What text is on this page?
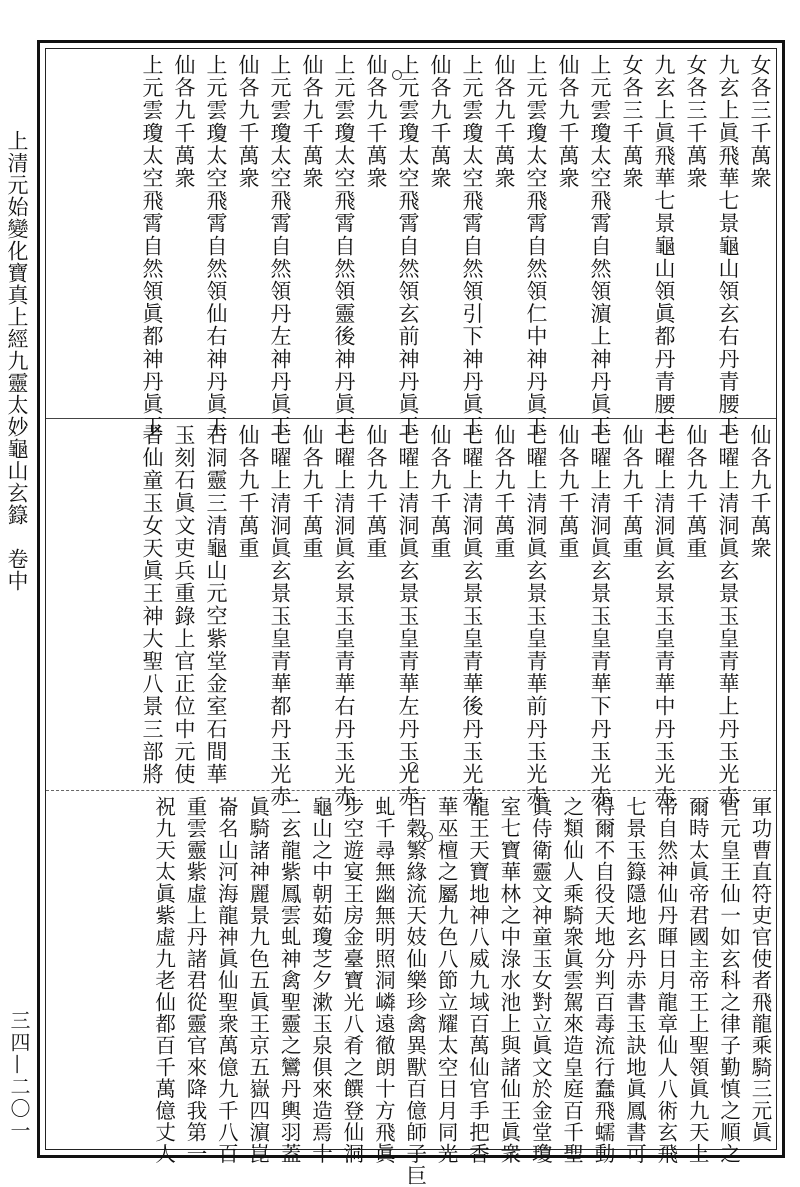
上清元始變化寶真上經九靈太妙龜山玄籙卷中
三四—二〇一
女各三千萬衆
九玄上眞飛華七景龜山領玄右丹青腰玉
女各三千萬衆
九玄上眞飛華七景龜山領眞都丹青腰玉
女各三千萬衆
上元雲瓊太空飛霄自然領濵上神丹眞玉
仙各九千萬衆
上元雲瓊太空飛霄自然領仁中神丹眞玉
仙各九千萬衆
上元雲瓊太空飛霄自然領引下神丹眞玉
仙各九千萬衆
上元雲瓊太空飛霄自然領玄前神丹眞玉
仙各九千萬衆
上元雲瓊太空飛霄自然領靈後神丹眞玉
仙各九千萬衆
上元雲瓊太空飛霄自然領丹左神丹眞玉
仙各九千萬衆
上元雲瓊太空飛霄自然領仙右神丹眞玉
仙各九千萬衆
上元雲瓊太空飛霄自然領眞都神丹眞玉
仙各九千萬衆
七曜上清洞眞玄景玉皇青華上丹玉光赤
仙各九千萬重
七曜上清洞眞玄景玉皇青華中丹玉光赤
仙各九千萬重
七曜上清洞眞玄景玉皇青華下丹玉光赤
仙各九千萬重
七曜上清洞眞玄景玉皇青華前丹玉光赤
仙各九千萬重
七曜上清洞眞玄景玉皇青華後丹玉光赤
仙各九千萬重
七曜上清洞眞玄景玉皇青華左丹玉光赤
仙各九千萬重
七曜上清洞眞玄景玉皇青華右丹玉光赤
仙各九千萬重
七曜上清洞眞玄景玉皇青華都丹玉光赤
仙各九千萬重
右洞靈三清龜山元空紫堂金室石間華
玉刻石眞文吏兵重錄上官正位中元使
者仙童玉女天眞王神大聖八景三部將
軍功曹直符吏官使者飛龍乘騎三元眞
官元皇王仙一如玄科之律子勤慎之順之
爾時太眞帝君國主帝王上聖領眞九天上
帝自然神仙丹暉日月龍章仙人八術玄飛
七景玉籙隱地玄丹赤書玉訣地眞鳳書可
得爾不自役天地分判百毒流行蠢飛蠕動
之類仙人乘騎衆眞雲駕來造皇庭百千聖
眞侍衛靈文神童玉女對立眞文於金堂瓊
室七寶華林之中淥水池上與諸仙王眞衆
龍王天寶地神八威九域百萬仙官手把香
華巫檀之屬九色八節立耀太空日月同光
百穀繁緣流天妓仙樂珍禽異獸百億師子巨
虬千尋無幽無明照洞嶙遠徹朗十方飛眞
步空遊宴王房金臺寶光八肴之饌登仙洞
龜山之中朝茹瓊芝夕漱玉泉俱來造焉十
二玄龍紫鳳雲虬神禽聖靈之鸞丹輿羽蓋
眞騎諸神麗景九色五眞王京五嶽四濵崑
崙名山河海龍神眞仙聖衆萬億九千八百
重雲靈紫虛上丹諸君從靈官來降我第一
祝九天太眞紫虛九老仙都百千萬億丈人
